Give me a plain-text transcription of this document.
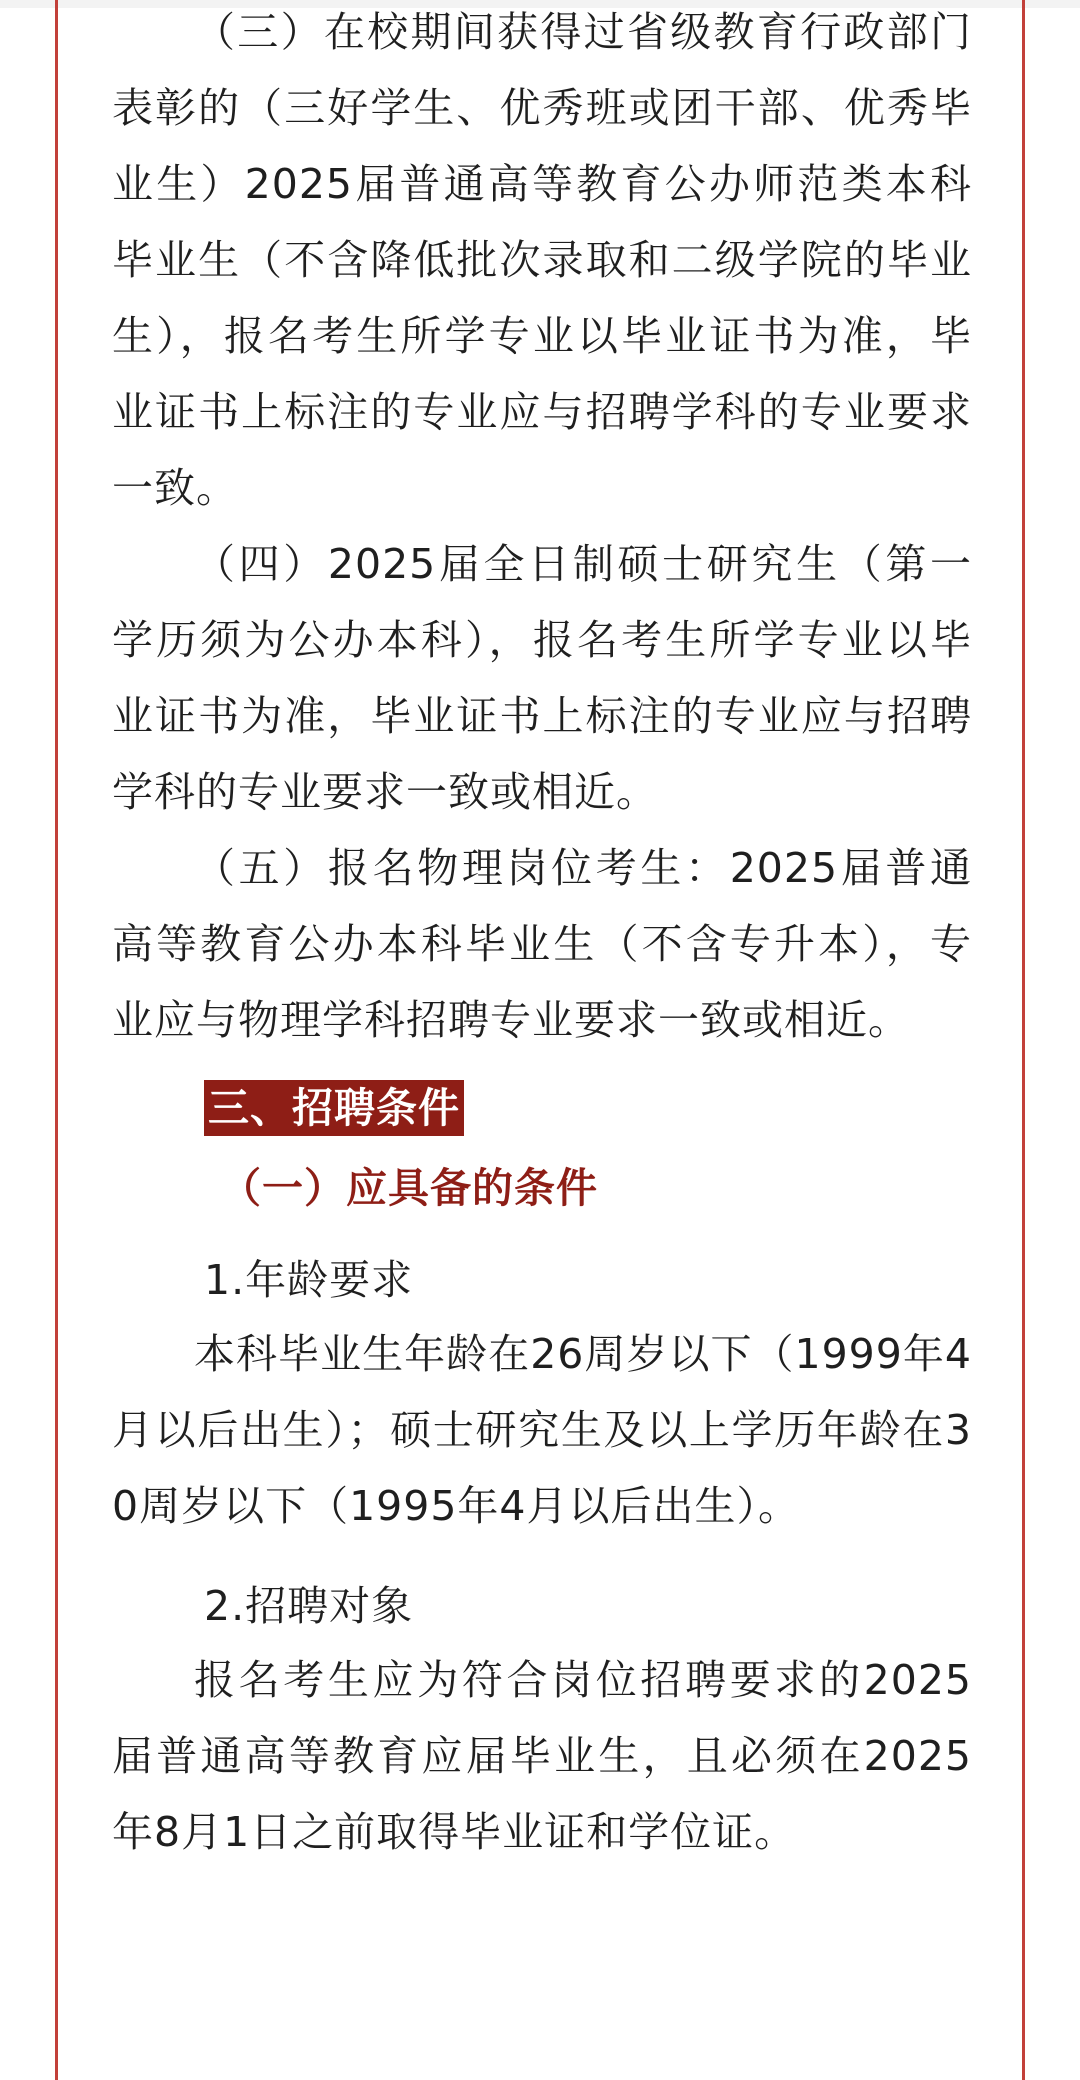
（三）在校期间获得过省级教育行政部门表彰的（三好学生、优秀班或团干部、优秀毕业生）2025届普通高等教育公办师范类本科毕业生（不含降低批次录取和二级学院的毕业生），报名考生所学专业以毕业证书为准，毕业证书上标注的专业应与招聘学科的专业要求一致。

（四）2025届全日制硕士研究生（第一学历须为公办本科），报名考生所学专业以毕业证书为准，毕业证书上标注的专业应与招聘学科的专业要求一致或相近。

（五）报名物理岗位考生：2025届普通高等教育公办本科毕业生（不含专升本），专业应与物理学科招聘专业要求一致或相近。

三、招聘条件
（一）应具备的条件
1.年龄要求

本科毕业生年龄在26周岁以下（1999年4月以后出生）；硕士研究生及以上学历年龄在30周岁以下（1995年4月以后出生）。

2.招聘对象

报名考生应为符合岗位招聘要求的2025届普通高等教育应届毕业生，且必须在2025年8月1日之前取得毕业证和学位证。
